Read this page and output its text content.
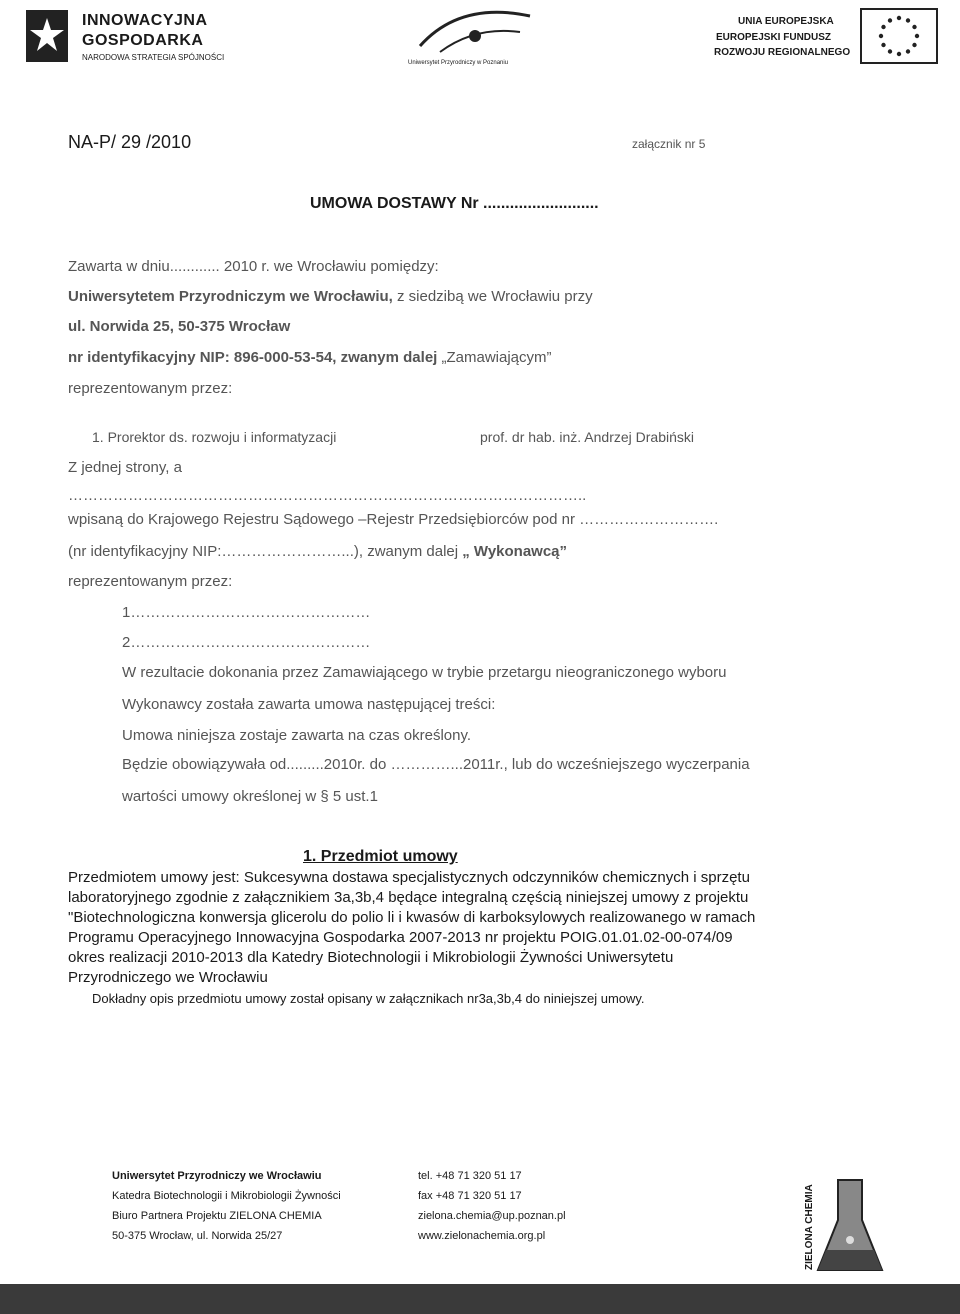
INNOWACYJNA
GOSPODARKA
NARODOWA STRATEGIA SPÓJNOŚCI
Uniwersytet Przyrodniczy w Poznaniu
UNIA EUROPEJSKA
EUROPEJSKI FUNDUSZ
ROZWOJU REGIONALNEGO
NA-P/ 29 /2010	załącznik nr 5
UMOWA DOSTAWY Nr ..........................
Zawarta w dniu............ 2010 r. we Wrocławiu pomiędzy:
Uniwersytetem Przyrodniczym we Wrocławiu, z siedzibą we Wrocławiu przy
ul. Norwida 25, 50-375 Wrocław
nr identyfikacyjny NIP: 896-000-53-54, zwanym dalej „Zamawiającym”
reprezentowanym przez:
1. Prorektor ds. rozwoju i informatyzacji	prof. dr hab. inż. Andrzej Drabiński
Z jednej strony, a
…………………………………………………………………………………………..
wpisaną do Krajowego Rejestru Sądowego –Rejestr Przedsiębiorców pod nr ……………………….
(nr identyfikacyjny NIP:……………………...), zwanym dalej „ Wykonawcą”
reprezentowanym przez:
1…………………………………………
2…………………………………………
W rezultacie dokonania przez Zamawiającego w trybie przetargu nieograniczonego wyboru
Wykonawcy została zawarta umowa następującej treści:
Umowa niniejsza zostaje zawarta na czas określony.
Będzie obowiązywała od.........2010r. do …………...2011r., lub do wcześniejszego wyczerpania
wartości umowy określonej w § 5 ust.1
1. Przedmiot umowy
Przedmiotem umowy jest: Sukcesywna dostawa specjalistycznych odczynników chemicznych i sprzętu
laboratoryjnego zgodnie z załącznikiem 3a,3b,4 będące integralną częścią niniejszej umowy z projektu
"Biotechnologiczna konwersja glicerolu do polio li i kwasów di karboksylowych realizowanego w ramach
Programu Operacyjnego Innowacyjna Gospodarka 2007-2013 nr projektu POIG.01.01.02-00-074/09
okres realizacji 2010-2013 dla Katedry Biotechnologii i Mikrobiologii Żywności Uniwersytetu
Przyrodniczego we Wrocławiu
Dokładny opis przedmiotu umowy został opisany w załącznikach nr3a,3b,4 do niniejszej umowy.
Uniwersytet Przyrodniczy we Wrocławiu
Katedra Biotechnologii i Mikrobiologii Żywności
Biuro Partnera Projektu ZIELONA CHEMIA
50-375 Wrocław, ul. Norwida 25/27
tel. +48 71 320 51 17
fax +48 71 320 51 17
zielona.chemia@up.poznan.pl
www.zielonachemia.org.pl	ZIELONA CHEMIA
